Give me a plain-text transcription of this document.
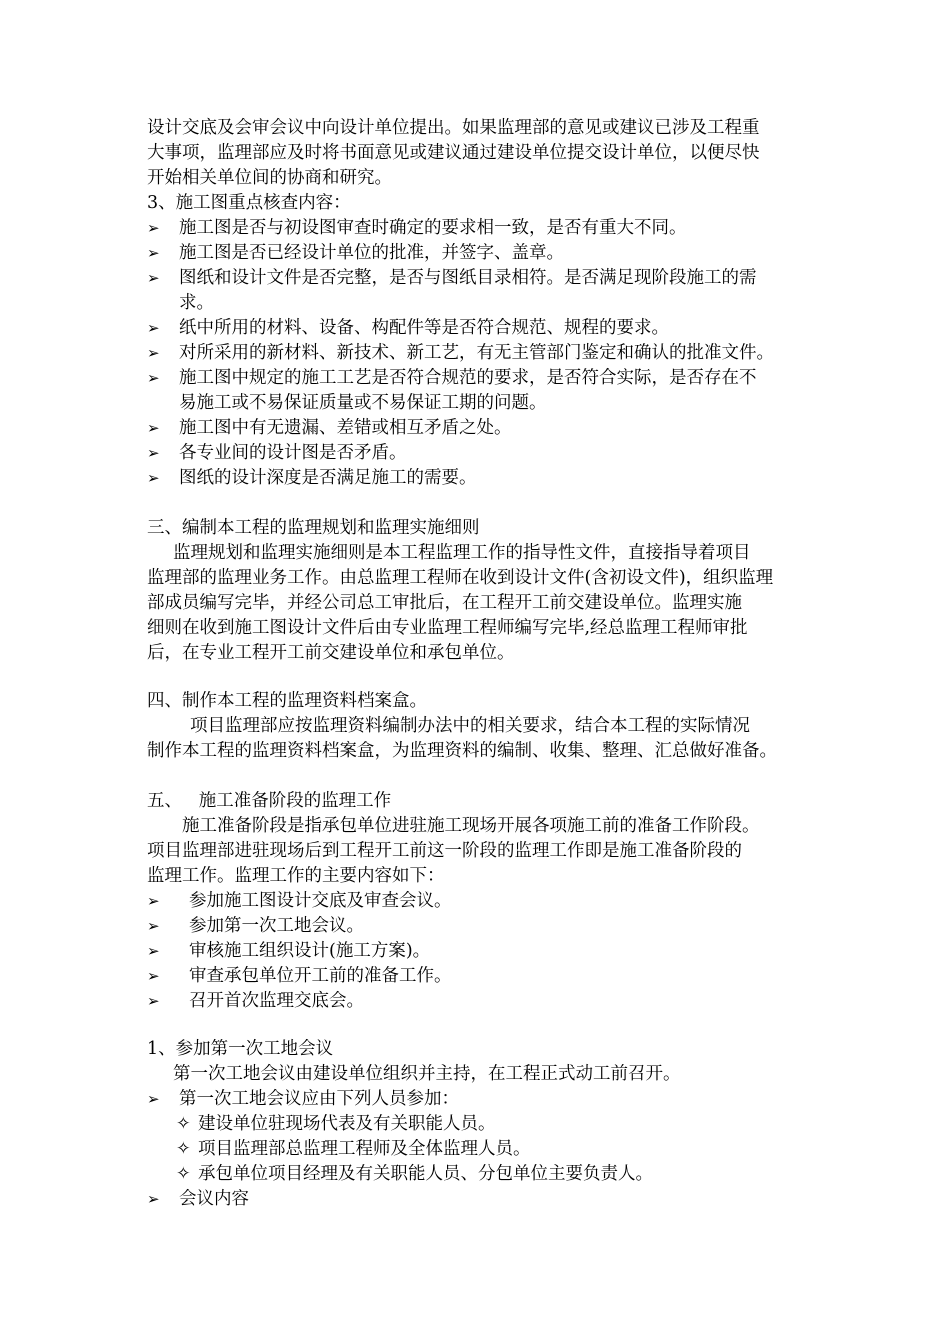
设计交底及会审会议中向设计单位提出。如果监理部的意见或建议已涉及工程重
大事项，监理部应及时将书面意见或建议通过建设单位提交设计单位，以便尽快
开始相关单位间的协商和研究。
3、施工图重点核查内容：
➢ 施工图是否与初设图审查时确定的要求相一致，是否有重大不同。
➢ 施工图是否已经设计单位的批准，并签字、盖章。
➢ 图纸和设计文件是否完整，是否与图纸目录相符。是否满足现阶段施工的需
求。
➢ 纸中所用的材料、设备、构配件等是否符合规范、规程的要求。
➢ 对所采用的新材料、新技术、新工艺，有无主管部门鉴定和确认的批准文件。
➢ 施工图中规定的施工工艺是否符合规范的要求，是否符合实际，是否存在不
易施工或不易保证质量或不易保证工期的问题。
➢ 施工图中有无遗漏、差错或相互矛盾之处。
➢ 各专业间的设计图是否矛盾。
➢ 图纸的设计深度是否满足施工的需要。
三、编制本工程的监理规划和监理实施细则
监理规划和监理实施细则是本工程监理工作的指导性文件，直接指导着项目
监理部的监理业务工作。由总监理工程师在收到设计文件(含初设文件)，组织监理
部成员编写完毕，并经公司总工审批后，在工程开工前交建设单位。监理实施
细则在收到施工图设计文件后由专业监理工程师编写完毕,经总监理工程师审批
后，在专业工程开工前交建设单位和承包单位。
四、制作本工程的监理资料档案盒。
项目监理部应按监理资料编制办法中的相关要求，结合本工程的实际情况
制作本工程的监理资料档案盒，为监理资料的编制、收集、整理、汇总做好准备。
五、   施工准备阶段的监理工作
施工准备阶段是指承包单位进驻施工现场开展各项施工前的准备工作阶段。
项目监理部进驻现场后到工程开工前这一阶段的监理工作即是施工准备阶段的
监理工作。监理工作的主要内容如下：
➢ 参加施工图设计交底及审查会议。
➢ 参加第一次工地会议。
➢ 审核施工组织设计(施工方案)。
➢ 审查承包单位开工前的准备工作。
➢ 召开首次监理交底会。
1、参加第一次工地会议
第一次工地会议由建设单位组织并主持，在工程正式动工前召开。
➢ 第一次工地会议应由下列人员参加：
✧ 建设单位驻现场代表及有关职能人员。
✧ 项目监理部总监理工程师及全体监理人员。
✧ 承包单位项目经理及有关职能人员、分包单位主要负责人。
➢ 会议内容
